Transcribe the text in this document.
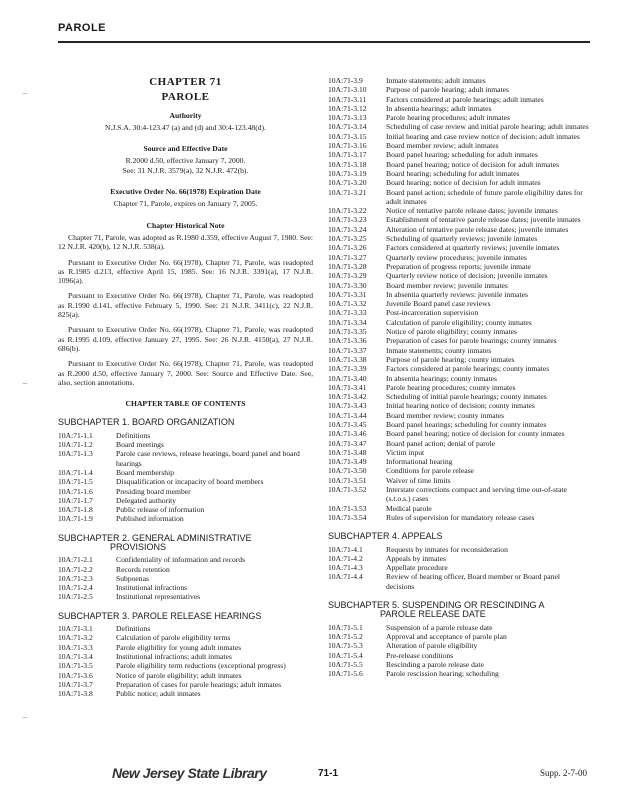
PAROLE
⌣
⌣
⌣
CHAPTER 71
PAROLE
Authority
N.J.S.A. 30:4-123.47 (a) and (d) and 30:4-123.48(d).
Source and Effective Date
R.2000 d.50, effective January 7, 2000.
See: 31 N.J.R. 3579(a), 32 N.J.R. 472(b).
Executive Order No. 66(1978) Expiration Date
Chapter 71, Parole, expires on January 7, 2005.
Chapter Historical Note

Chapter 71, Parole, was adopted as R.1980 d.359, effective August 7, 1980. See: 12 N.J.R. 420(b), 12 N.J.R. 538(a).

Pursuant to Executive Order No. 66(1978), Chapter 71, Parole, was readopted as R.1985 d.213, effective April 15, 1985. See: 16 N.J.R. 3391(a), 17 N.J.R. 1096(a).

Pursuant to Executive Order No. 66(1978), Chapter 71, Parole, was readopted as R.1990 d.141, effective February 5, 1990. See: 21 N.J.R. 3411(c), 22 N.J.R. 825(a).

Pursuant to Executive Order No. 66(1978), Chapter 71, Parole, was readopted as R.1995 d.109, effective January 27, 1995. See: 26 N.J.R. 4150(a), 27 N.J.R. 686(b).

Pursuant to Executive Order No. 66(1978), Chapter 71, Parole, was readopted as R.2000 d.50, effective January 7, 2000. See: Source and Effective Date. See, also, section annotations.

CHAPTER TABLE OF CONTENTS
SUBCHAPTER 1. BOARD ORGANIZATION
10A:71-1.1	Definitions
10A:71-1.2	Board meetings
10A:71-1.3	Parole case reviews, release hearings, board panel and board hearings
10A:71-1.4	Board membership
10A:71-1.5	Disqualification or incapacity of board members
10A:71-1.6	Presiding board member
10A:71-1.7	Delegated authority
10A:71-1.8	Public release of information
10A:71-1.9	Published information
SUBCHAPTER 2. GENERAL ADMINISTRATIVE
PROVISIONS
10A:71-2.1	Confidentiality of information and records
10A:71-2.2	Records retention
10A:71-2.3	Subpoenas
10A:71-2.4	Institutional infractions
10A:71-2.5	Institutional representatives
SUBCHAPTER 3. PAROLE RELEASE HEARINGS
10A:71-3.1	Definitions
10A:71-3.2	Calculation of parole eligibility terms
10A:71-3.3	Parole eligibility for young adult inmates
10A:71-3.4	Institutional infractions; adult inmates
10A:71-3.5	Parole eligibility term reductions (exceptional progress)
10A:71-3.6	Notice of parole eligibility; adult inmates
10A:71-3.7	Preparation of cases for parole hearings; adult inmates
10A:71-3.8	Public notice; adult inmates
10A:71-3.9	Inmate statements; adult inmates
10A:71-3.10	Purpose of parole hearing; adult inmates
10A:71-3.11	Factors considered at parole hearings; adult inmates
10A:71-3.12	In absentia hearings; adult inmates
10A:71-3.13	Parole hearing procedures; adult inmates
10A:71-3.14	Scheduling of case review and initial parole hearing; adult inmates
10A:71-3.15	Initial hearing and case review notice of decision; adult inmates
10A:71-3.16	Board member review; adult inmates
10A:71-3.17	Board panel hearing; scheduling for adult inmates
10A:71-3.18	Board panel hearing; notice of decision for adult inmates
10A:71-3.19	Board hearing; scheduling for adult inmates
10A:71-3.20	Board hearing; notice of decision for adult inmates
10A:71-3.21	Board panel action; schedule of future parole eligibility dates for adult inmates
10A:71-3.22	Notice of tentative parole release dates; juvenile inmates
10A:71-3.23	Establishment of tentative parole release dates; juvenile inmates
10A:71-3.24	Alteration of tentative parole release dates; juvenile inmates
10A:71-3.25	Scheduling of quarterly reviews; juvenile inmates
10A:71-3.26	Factors considered at quarterly reviews; juvenile inmates
10A:71-3.27	Quarterly review procedures; juvenile inmates
10A:71-3.28	Preparation of progress reports; juvenile inmate
10A:71-3.29	Quarterly review notice of decision; juvenile inmates
10A:71-3.30	Board member review; juvenile inmates
10A:71-3.31	In absentia quarterly reviews: juvenile inmates
10A:71-3.32	Juvenile Board panel case reviews
10A:71-3.33	Post-incarceration supervision
10A:71-3.34	Calculation of parole eligibility; county inmates
10A:71-3.35	Notice of parole eligibility; county inmates
10A:71-3.36	Preparation of cases for parole hearings; county inmates
10A:71-3.37	Inmate statements; county inmates
10A:71-3.38	Purpose of parole hearing; county inmates
10A:71-3.39	Factors considered at parole hearings; county inmates
10A:71-3.40	In absentia hearings; county inmates
10A:71-3.41	Parole hearing procedures; county inmates
10A:71-3.42	Scheduling of initial parole hearings; county inmates
10A:71-3.43	Initial hearing notice of decision; county inmates
10A:71-3.44	Board member review; county inmates
10A:71-3.45	Board panel hearings; scheduling for county inmates
10A:71-3.46	Board panel hearing; notice of decision for county inmates
10A:71-3.47	Board panel action; denial of parole
10A:71-3.48	Victim input
10A:71-3.49	Informational hearing
10A:71-3.50	Conditions for parole release
10A:71-3.51	Waiver of time limits
10A:71-3.52	Interstate corrections compact and serving time out-of-state (s.t.o.s.) cases
10A:71-3.53	Medical parole
10A:71-3.54	Rules of supervision for mandatory release cases
SUBCHAPTER 4. APPEALS
10A:71-4.1	Requests by inmates for reconsideration
10A:71-4.2	Appeals by inmates
10A:71-4.3	Appellate procedure
10A:71-4.4	Review of hearing officer, Board member or Board panel decisions
SUBCHAPTER 5. SUSPENDING OR RESCINDING A
PAROLE RELEASE DATE
10A:71-5.1	Suspension of a parole release date
10A:71-5.2	Approval and acceptance of parole plan
10A:71-5.3	Alteration of parole eligibility
10A:71-5.4	Pre-release conditions
10A:71-5.5	Rescinding a parole release date
10A:71-5.6	Parole rescission hearing; scheduling
New Jersey State Library	71-1	Supp. 2-7-00
